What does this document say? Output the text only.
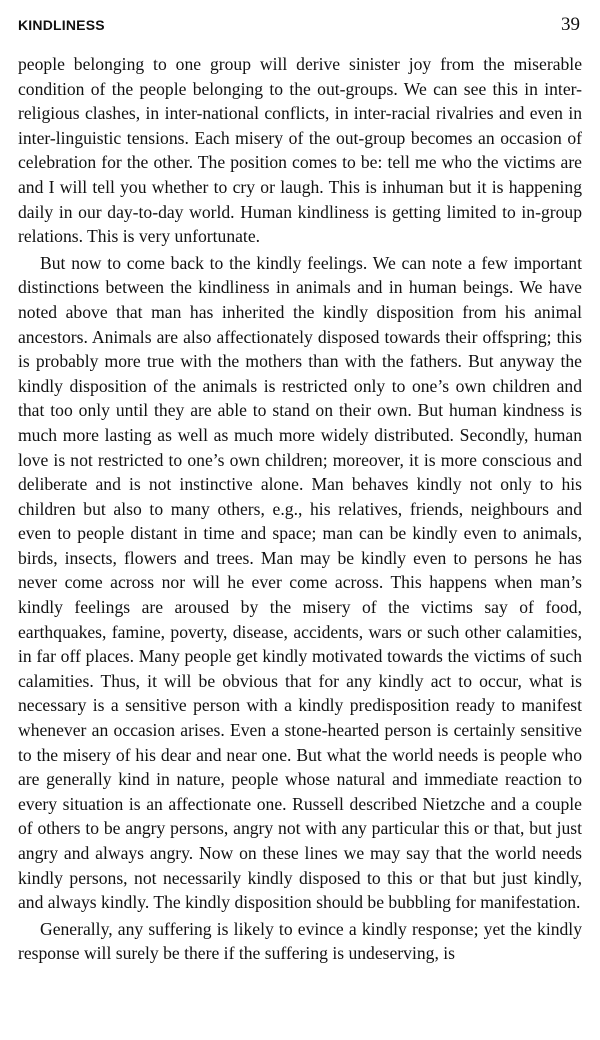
KINDLINESS	39

people belonging to one group will derive sinister joy from the miserable condition of the people belonging to the out-groups. We can see this in inter-religious clashes, in inter-national conflicts, in inter-racial rivalries and even in inter-linguistic tensions. Each misery of the out-group becomes an occasion of celebration for the other. The position comes to be: tell me who the victims are and I will tell you whether to cry or laugh. This is inhuman but it is happening daily in our day-to-day world. Human kindliness is getting limited to in-group relations. This is very unfortunate.

But now to come back to the kindly feelings. We can note a few important distinctions between the kindliness in animals and in human beings. We have noted above that man has inherited the kindly disposition from his animal ancestors. Animals are also affectionately disposed towards their offspring; this is probably more true with the mothers than with the fathers. But anyway the kindly disposition of the animals is restricted only to one’s own children and that too only until they are able to stand on their own. But human kindness is much more lasting as well as much more widely distributed. Secondly, human love is not restricted to one’s own children; moreover, it is more conscious and deliberate and is not instinctive alone. Man behaves kindly not only to his children but also to many others, e.g., his relatives, friends, neighbours and even to people distant in time and space; man can be kindly even to animals, birds, insects, flowers and trees. Man may be kindly even to persons he has never come across nor will he ever come across. This happens when man’s kindly feelings are aroused by the misery of the victims say of food, earthquakes, famine, poverty, disease, accidents, wars or such other calamities, in far off places. Many people get kindly motivated towards the victims of such calamities. Thus, it will be obvious that for any kindly act to occur, what is necessary is a sensitive person with a kindly predisposition ready to manifest whenever an occasion arises. Even a stone-hearted person is certainly sensitive to the misery of his dear and near one. But what the world needs is people who are generally kind in nature, people whose natural and immediate reaction to every situation is an affectionate one. Russell described Nietzche and a couple of others to be angry persons, angry not with any particular this or that, but just angry and always angry. Now on these lines we may say that the world needs kindly persons, not necessarily kindly disposed to this or that but just kindly, and always kindly. The kindly disposition should be bubbling for manifestation.

Generally, any suffering is likely to evince a kindly response; yet the kindly response will surely be there if the suffering is undeserving, is
